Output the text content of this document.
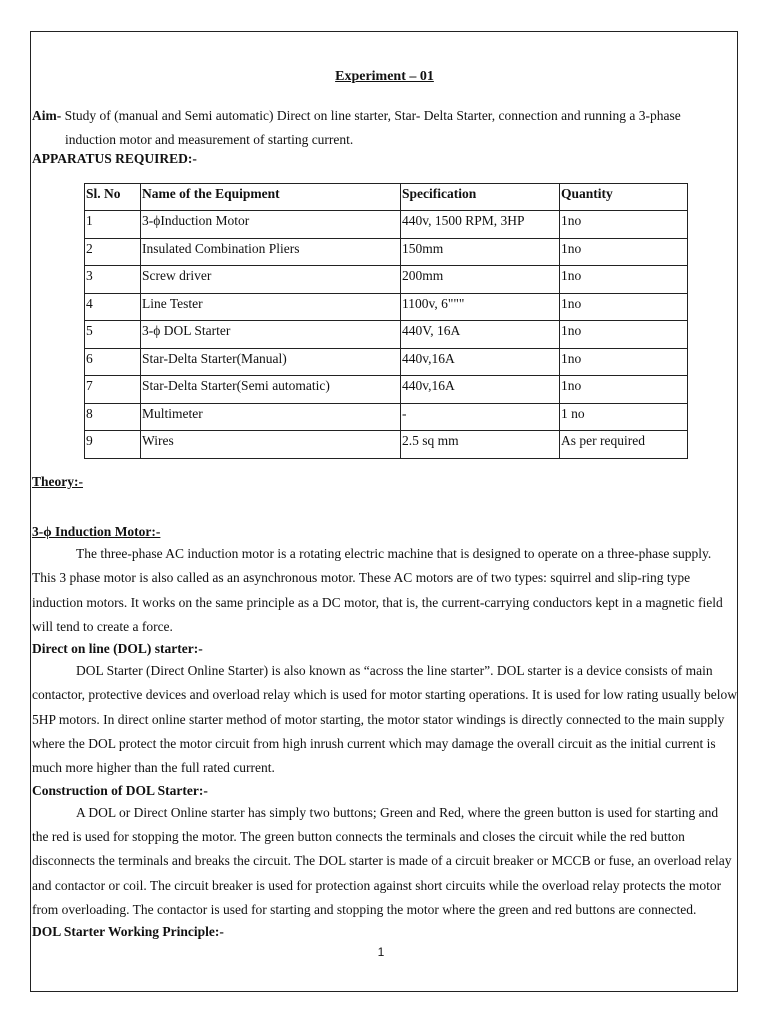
Experiment – 01
Aim- Study of (manual and Semi automatic) Direct on line starter, Star- Delta Starter, connection and running a 3-phase
induction motor and measurement of starting current.
APPARATUS REQUIRED:-
Sl. No	Name of the Equipment	Specification	Quantity
1	3-ϕInduction Motor	440v, 1500 RPM, 3HP	1no
2	Insulated Combination Pliers	150mm	1no
3	Screw driver	200mm	1no
4	Line Tester	1100v, 6"""	1no
5	3-ϕ DOL Starter	440V, 16A	1no
6	Star-Delta Starter(Manual)	440v,16A	1no
7	Star-Delta Starter(Semi automatic)	440v,16A	1no
8	Multimeter	-	1 no
9	Wires	2.5 sq mm	As per required
Theory:-
3-ϕ Induction Motor:-
The three-phase AC induction motor is a rotating electric machine that is designed to operate on a three-phase supply.
This 3 phase motor is also called as an asynchronous motor. These AC motors are of two types: squirrel and slip-ring type
induction motors. It works on the same principle as a DC motor, that is, the current-carrying conductors kept in a magnetic field
will tend to create a force.
Direct on line (DOL) starter:-
DOL Starter (Direct Online Starter) is also known as “across the line starter”. DOL starter is a device consists of main
contactor, protective devices and overload relay which is used for motor starting operations. It is used for low rating usually below
5HP motors. In direct online starter method of motor starting, the motor stator windings is directly connected to the main supply
where the DOL protect the motor circuit from high inrush current which may damage the overall circuit as the initial current is
much more higher than the full rated current.
Construction of DOL Starter:-
A DOL or Direct Online starter has simply two buttons; Green and Red, where the green button is used for starting and
the red is used for stopping the motor. The green button connects the terminals and closes the circuit while the red button
disconnects the terminals and breaks the circuit. The DOL starter is made of a circuit breaker or MCCB or fuse, an overload relay
and contactor or coil. The circuit breaker is used for protection against short circuits while the overload relay protects the motor
from overloading. The contactor is used for starting and stopping the motor where the green and red buttons are connected.
DOL Starter Working Principle:-
1
